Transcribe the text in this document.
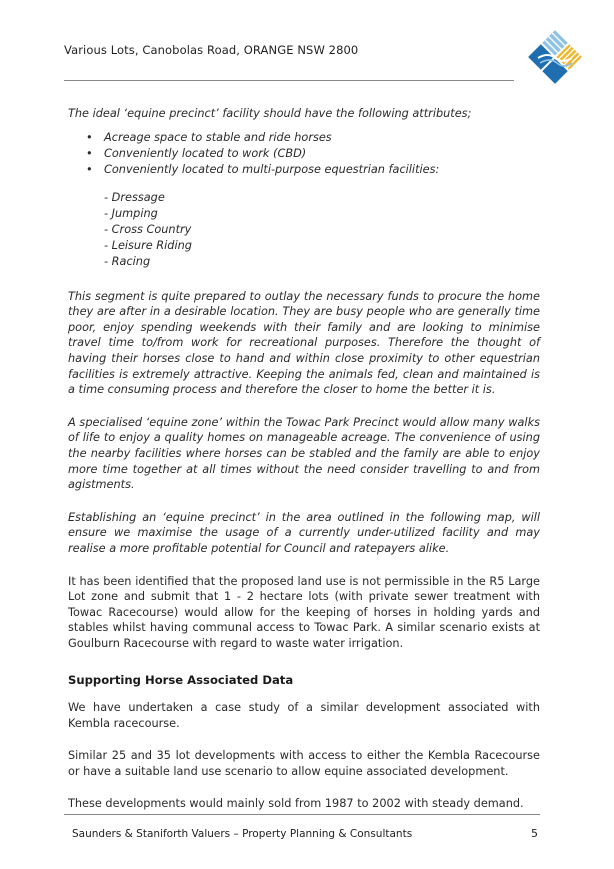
Various Lots, Canobolas Road, ORANGE NSW 2800

The ideal ‘equine precinct’ facility should have the following attributes;

• Acreage space to stable and ride horses
• Conveniently located to work (CBD)
• Conveniently located to multi-purpose equestrian facilities:
- Dressage
- Jumping
- Cross Country
- Leisure Riding
- Racing

This segment is quite prepared to outlay the necessary funds to procure the home they are after in a desirable location. They are busy people who are generally time poor, enjoy spending weekends with their family and are looking to minimise travel time to/from work for recreational purposes. Therefore the thought of having their horses close to hand and within close proximity to other equestrian facilities is extremely attractive. Keeping the animals fed, clean and maintained is a time consuming process and therefore the closer to home the better it is.

A specialised ‘equine zone’ within the Towac Park Precinct would allow many walks of life to enjoy a quality homes on manageable acreage. The convenience of using the nearby facilities where horses can be stabled and the family are able to enjoy more time together at all times without the need consider travelling to and from agistments.

Establishing an ‘equine precinct’ in the area outlined in the following map, will ensure we maximise the usage of a currently under-utilized facility and may realise a more profitable potential for Council and ratepayers alike.

It has been identified that the proposed land use is not permissible in the R5 Large Lot zone and submit that 1 - 2 hectare lots (with private sewer treatment with Towac Racecourse) would allow for the keeping of horses in holding yards and stables whilst having communal access to Towac Park. A similar scenario exists at Goulburn Racecourse with regard to waste water irrigation.

Supporting Horse Associated Data

We have undertaken a case study of a similar development associated with Kembla racecourse.

Similar 25 and 35 lot developments with access to either the Kembla Racecourse or have a suitable land use scenario to allow equine associated development.

These developments would mainly sold from 1987 to 2002 with steady demand.

Saunders & Staniforth Valuers – Property Planning & Consultants	5
